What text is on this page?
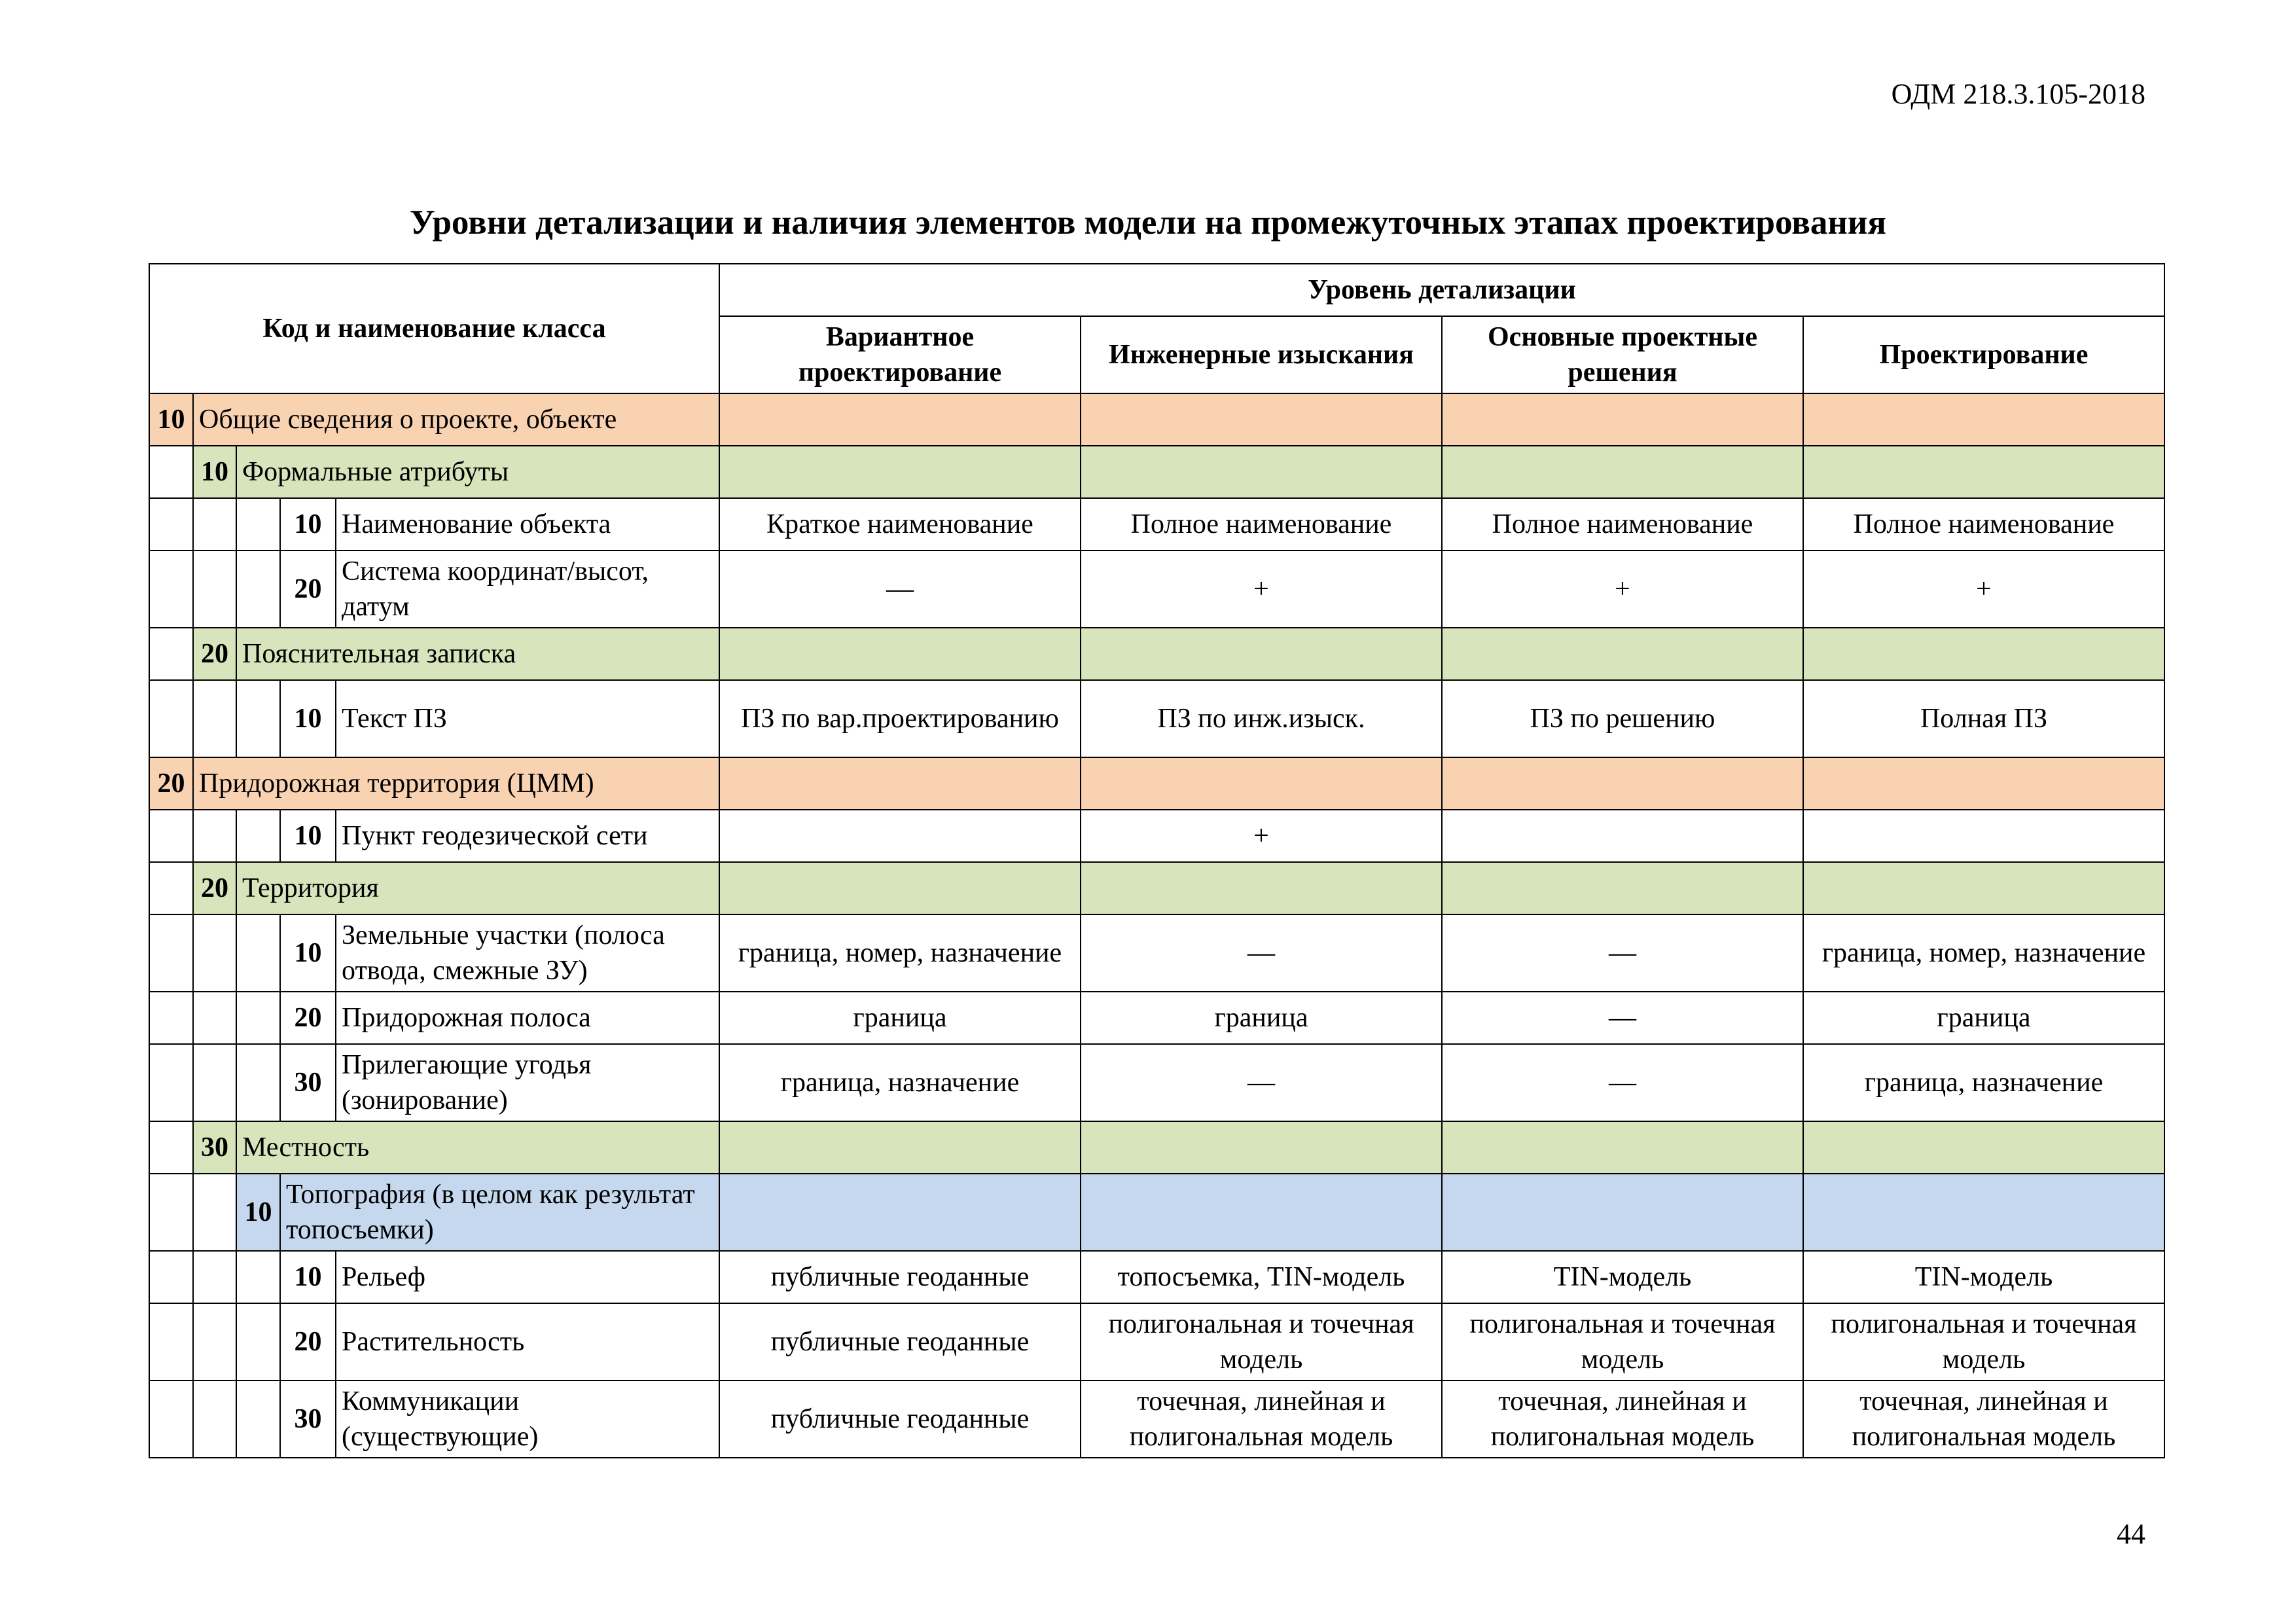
ОДМ 218.3.105-2018
Уровни детализации и наличия элементов модели на промежуточных этапах проектирования
Код и наименование класса					Уровень детализации			
					Вариантное проектирование	Инженерные изыскания	Основные проектные решения	Проектирование
10	Общие сведения о проекте, объекте							
	10	Формальные атрибуты						
			10	Наименование объекта	Краткое наименование	Полное наименование	Полное наименование	Полное наименование
			20	Система координат/высот, датум	—	+	+	+
	20	Пояснительная записка						
			10	Текст ПЗ	ПЗ по вар.проектированию	ПЗ по инж.изыск.	ПЗ по решению	Полная ПЗ
20	Придорожная территория (ЦММ)							
			10	Пункт геодезической сети		+		
	20	Территория						
			10	Земельные участки (полоса отвода, смежные ЗУ)	граница, номер, назначение	—	—	граница, номер, назначение
			20	Придорожная полоса	граница	граница	—	граница
			30	Прилегающие угодья (зонирование)	граница, назначение	—	—	граница, назначение
	30	Местность						
		10	Топография (в целом как результат топосъемки)					
			10	Рельеф	публичные геоданные	топосъемка, TIN-модель	TIN-модель	TIN-модель
			20	Растительность	публичные геоданные	полигональная и точечная модель	полигональная и точечная модель	полигональная и точечная модель
			30	Коммуникации (существующие)	публичные геоданные	точечная, линейная и полигональная модель	точечная, линейная и полигональная модель	точечная, линейная и полигональная модель
44
